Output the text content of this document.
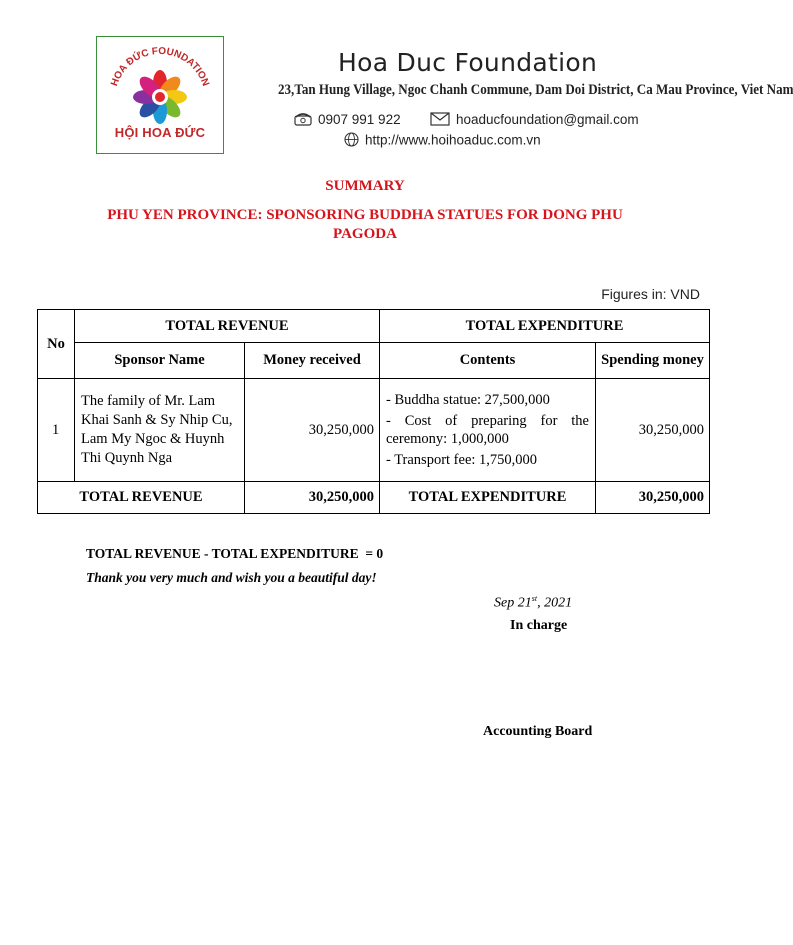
HOA ĐỨC FOUNDATION
HỘI HOA ĐỨC
Hoa Duc Foundation
23,Tan Hung Village, Ngoc Chanh Commune, Dam Doi District, Ca Mau Province, Viet Nam
0907 991 922	hoaducfoundation@gmail.com
http://www.hoihoaduc.com.vn
SUMMARY
PHU YEN PROVINCE: SPONSORING BUDDHA STATUES FOR DONG PHU PAGODA
Figures in: VND
No	TOTAL REVENUE		TOTAL EXPENDITURE	
	Sponsor Name	Money received	Contents	Spending money
1	The family of Mr. Lam Khai Sanh & Sy Nhip Cu, Lam My Ngoc & Huynh Thi Quynh Nga	30,250,000	- Buddha statue: 27,500,000
- Cost of preparing for the ceremony: 1,000,000
- Transport fee: 1,750,000	30,250,000
TOTAL REVENUE		30,250,000	TOTAL EXPENDITURE	30,250,000
TOTAL REVENUE - TOTAL EXPENDITURE  = 0
Thank you very much and wish you a beautiful day!
Sep 21st, 2021
In charge
Accounting Board
